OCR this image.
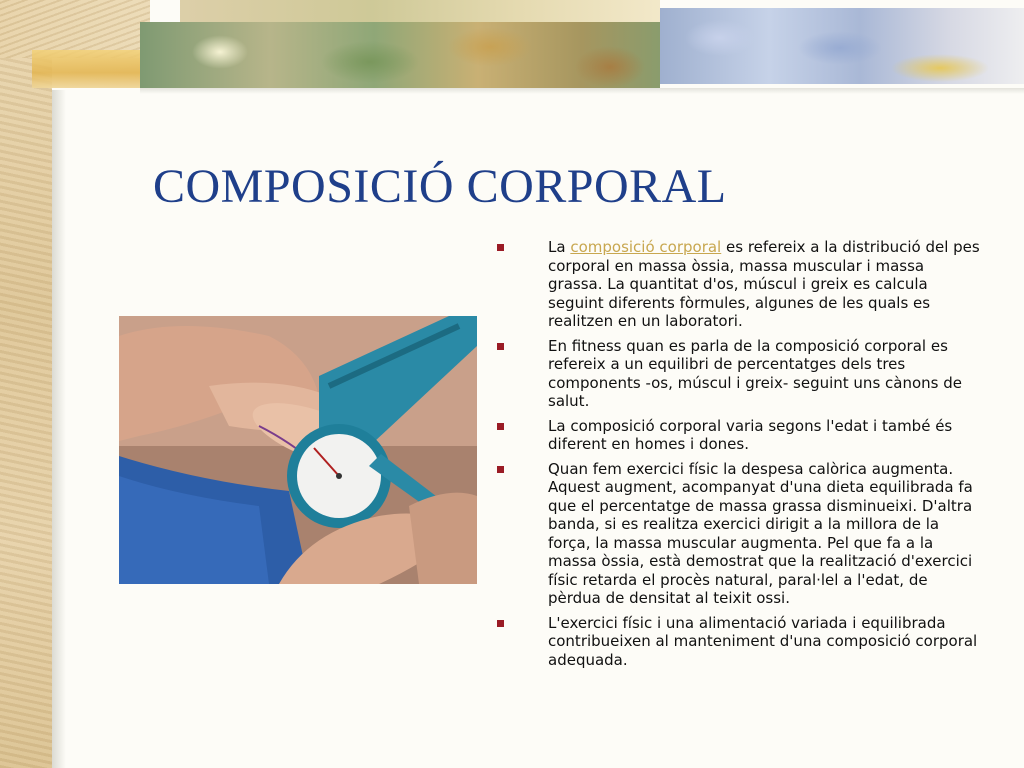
COMPOSICIÓ CORPORAL
La composició corporal es refereix a la distribució del pes corporal en massa òssia, massa muscular i massa grassa. La quantitat d'os, múscul i greix es calcula seguint diferents fòrmules, algunes de les quals es realitzen en un laboratori.
En fitness quan es parla de la composició corporal es refereix a un equilibri de percentatges dels tres components -os, múscul i greix- seguint uns cànons de salut.
La composició corporal varia segons l'edat i també és diferent en homes i dones.
Quan fem exercici físic la despesa calòrica augmenta. Aquest augment, acompanyat d'una dieta equilibrada fa que el percentatge de massa grassa disminueixi. D'altra banda, si es realitza exercici dirigit a la millora de la força, la massa muscular augmenta. Pel que fa a la massa òssia, està demostrat que la realització d'exercici físic retarda el procès natural, paral·lel a l'edat, de pèrdua de densitat al teixit ossi.
L'exercici físic i una alimentació variada i equilibrada contribueixen al manteniment d'una composició corporal adequada.
